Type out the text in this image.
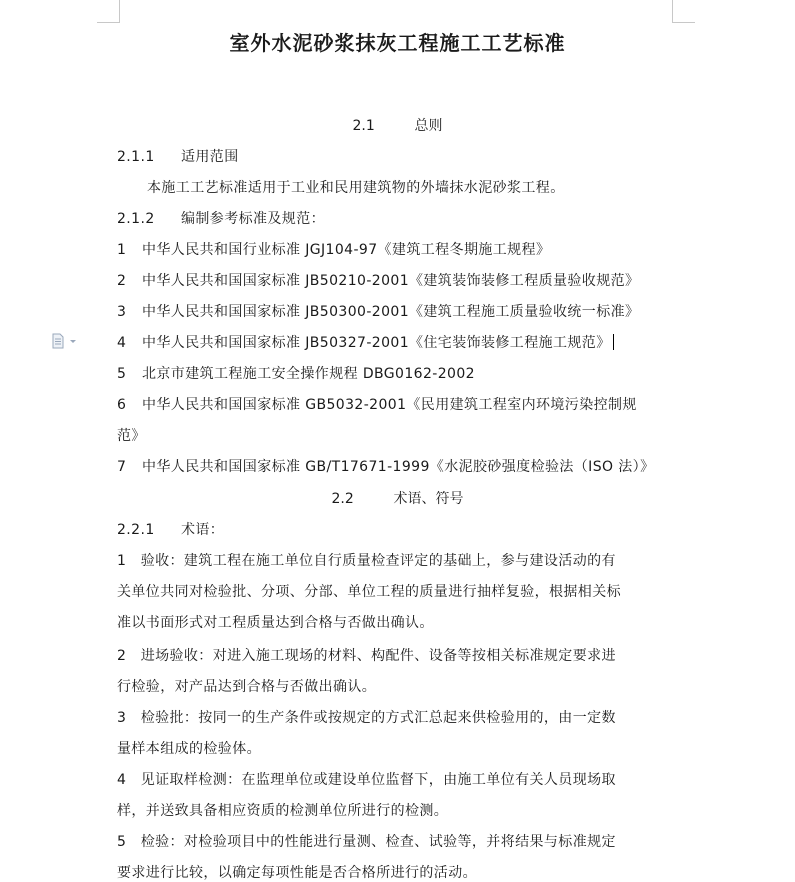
室外水泥砂浆抹灰工程施工工艺标准
2.1	总则
2.1.1 适用范围
本施工工艺标准适用于工业和民用建筑物的外墙抹水泥砂浆工程。
2.1.2 编制参考标准及规范：
1 中华人民共和国行业标准 JGJ104-97《建筑工程冬期施工规程》
2 中华人民共和国国家标准 JB50210-2001《建筑装饰装修工程质量验收规范》
3 中华人民共和国国家标准 JB50300-2001《建筑工程施工质量验收统一标准》
4 中华人民共和国国家标准 JB50327-2001《住宅装饰装修工程施工规范》
5 北京市建筑工程施工安全操作规程 DBG0162-2002
6 中华人民共和国国家标准 GB5032-2001《民用建筑工程室内环境污染控制规
范》
7 中华人民共和国国家标准 GB/T17671-1999《水泥胶砂强度检验法（ISO 法）》
2.2	术语、符号
2.2.1 术语：
1　验收：建筑工程在施工单位自行质量检查评定的基础上，参与建设活动的有
关单位共同对检验批、分项、分部、单位工程的质量进行抽样复验，根据相关标
准以书面形式对工程质量达到合格与否做出确认。
2　进场验收：对进入施工现场的材料、构配件、设备等按相关标准规定要求进
行检验，对产品达到合格与否做出确认。
3　检验批：按同一的生产条件或按规定的方式汇总起来供检验用的，由一定数
量样本组成的检验体。
4　见证取样检测：在监理单位或建设单位监督下，由施工单位有关人员现场取
样，并送致具备相应资质的检测单位所进行的检测。
5　检验：对检验项目中的性能进行量测、检查、试验等，并将结果与标准规定
要求进行比较，以确定每项性能是否合格所进行的活动。
